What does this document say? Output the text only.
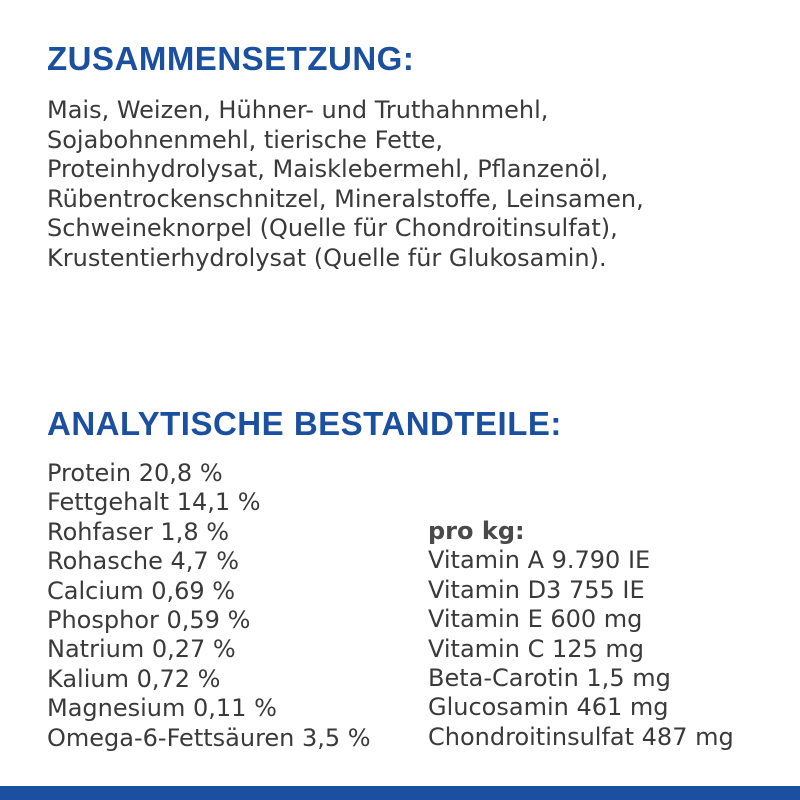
ZUSAMMENSETZUNG:
Mais, Weizen, Hühner- und Truthahnmehl,
Sojabohnenmehl, tierische Fette,
Proteinhydrolysat, Maisklebermehl, Pflanzenöl,
Rübentrockenschnitzel, Mineralstoffe, Leinsamen,
Schweineknorpel (Quelle für Chondroitinsulfat),
Krustentierhydrolysat (Quelle für Glukosamin).
ANALYTISCHE BESTANDTEILE:
Protein 20,8 %
Fettgehalt 14,1 %
Rohfaser 1,8 %
Rohasche 4,7 %
Calcium 0,69 %
Phosphor 0,59 %
Natrium 0,27 %
Kalium 0,72 %
Magnesium 0,11 %
Omega-6-Fettsäuren 3,5 %
pro kg:
Vitamin A 9.790 IE
Vitamin D3 755 IE
Vitamin E 600 mg
Vitamin C 125 mg
Beta-Carotin 1,5 mg
Glucosamin 461 mg
Chondroitinsulfat 487 mg
